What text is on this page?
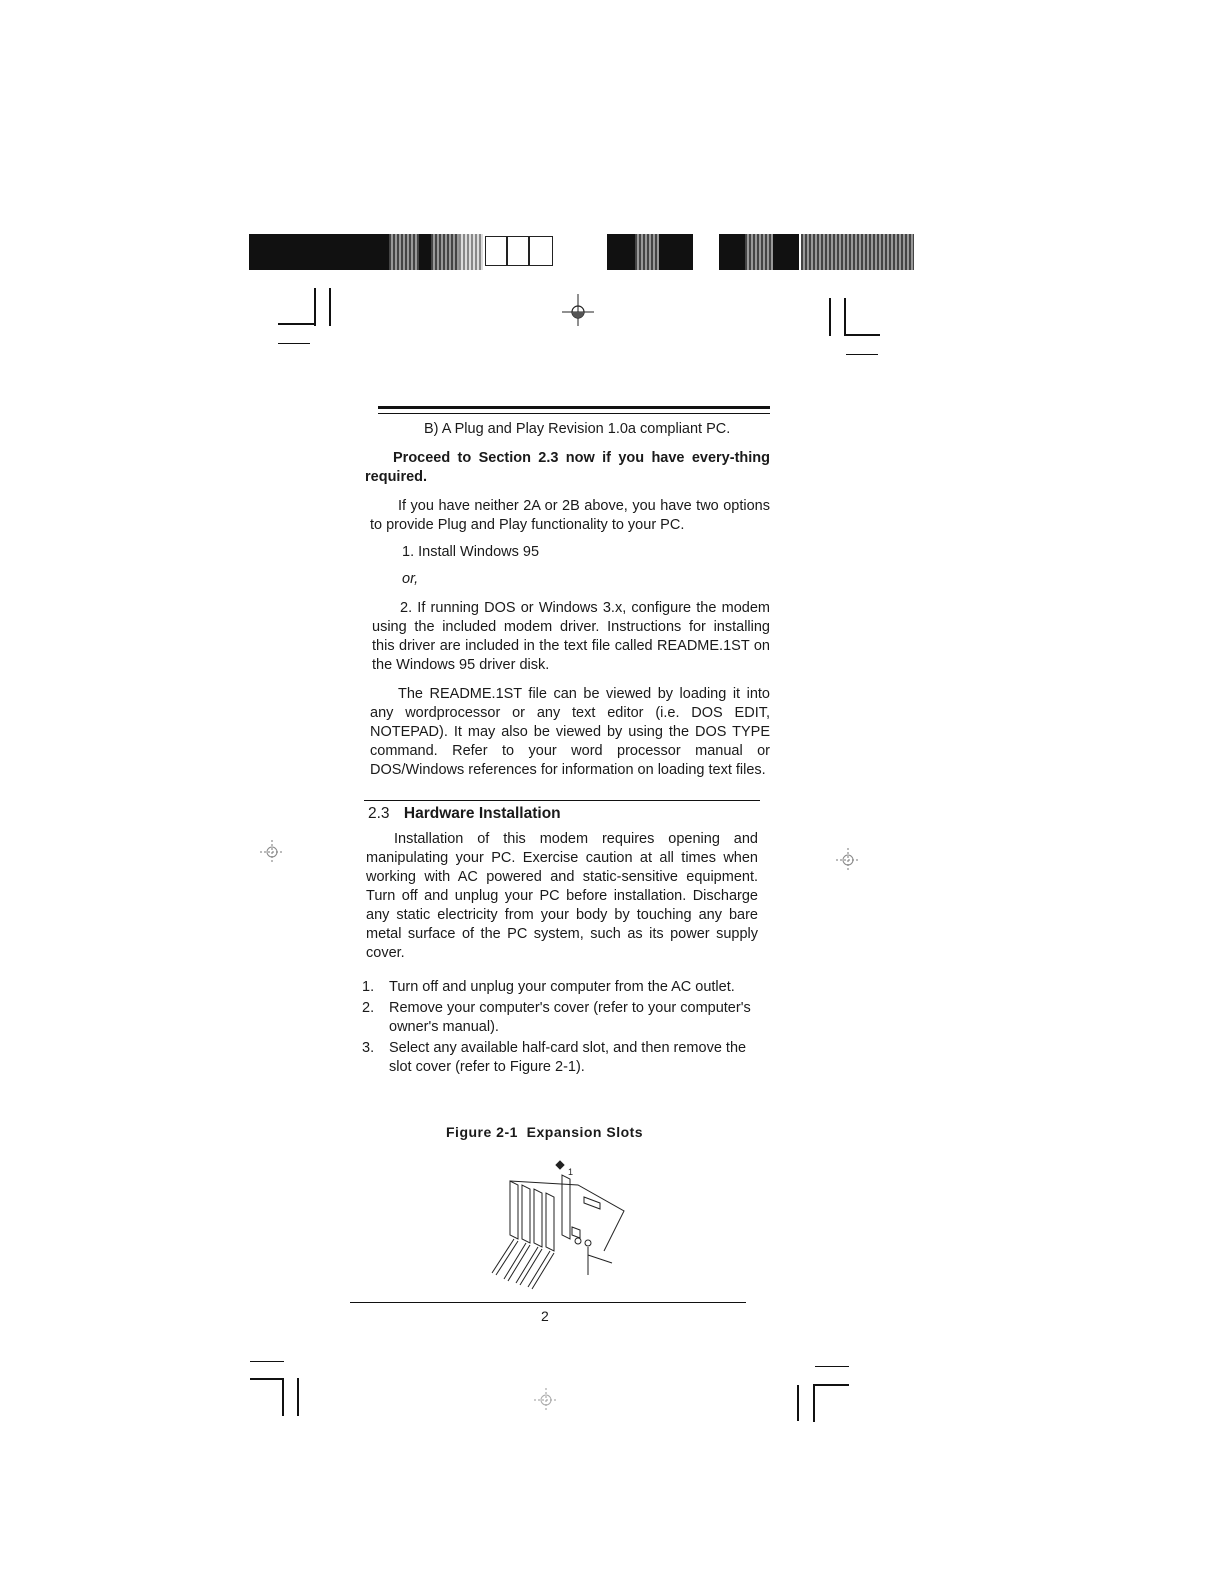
B) A Plug and Play Revision 1.0a compliant PC.

Proceed to Section 2.3 now if you have every-thing required.

If you have neither 2A or 2B above, you have two options to provide Plug and Play functionality to your PC.

1. Install Windows 95

or,

2. If running DOS or Windows 3.x, configure the modem using the included modem driver. Instructions for installing this driver are included in the text file called README.1ST on the Windows 95 driver disk.

The README.1ST file can be viewed by loading it into any wordprocessor or any text editor (i.e. DOS EDIT, NOTEPAD). It may also be viewed by using the DOS TYPE command. Refer to your word processor manual or DOS/Windows references for information on loading text files.

2.3 Hardware Installation

Installation of this modem requires opening and manipulating your PC. Exercise caution at all times when working with AC powered and static-sensitive equipment. Turn off and unplug your PC before installation. Discharge any static electricity from your body by touching any bare metal surface of the PC system, such as its power supply cover.

1. Turn off and unplug your computer from the AC outlet.
2. Remove your computer's cover (refer to your computer's owner's manual).
3. Select any available half-card slot, and then remove the slot cover (refer to Figure 2-1).
Figure 2-1  Expansion Slots
1
2
